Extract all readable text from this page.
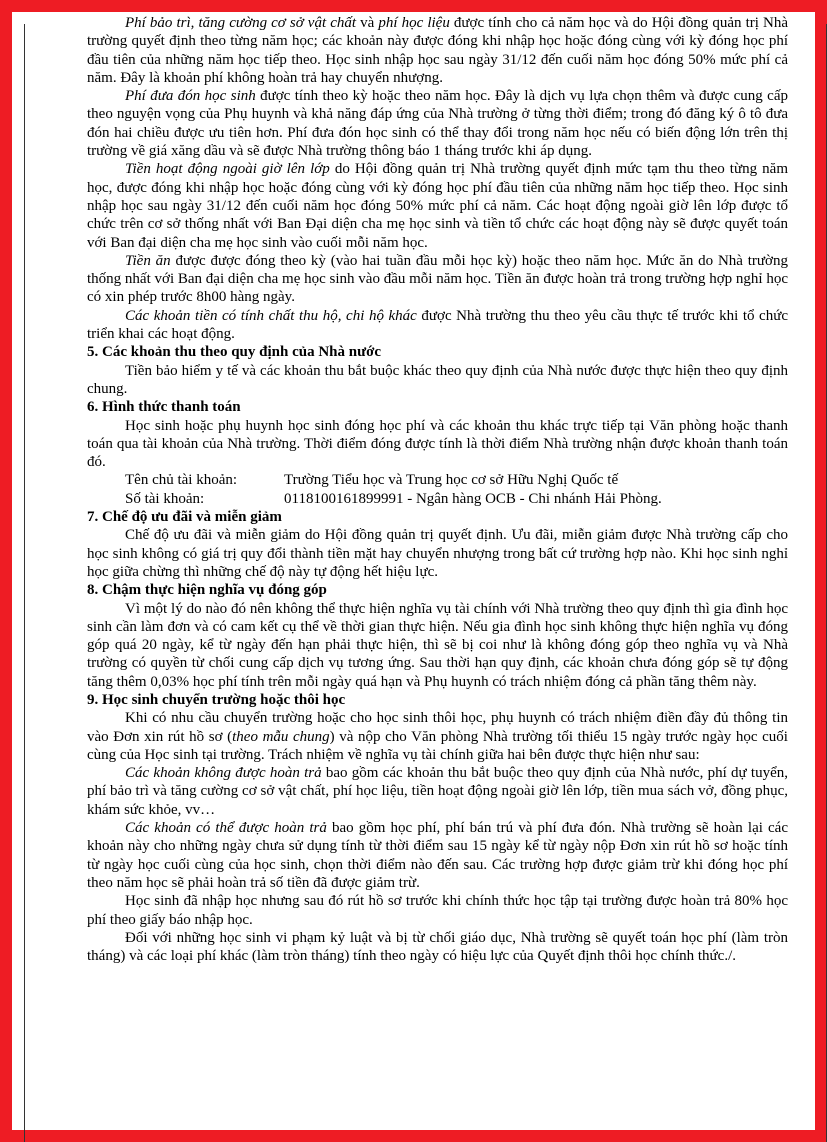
Phí bảo trì, tăng cường cơ sở vật chất và phí học liệu được tính cho cả năm học và do Hội đồng quản trị Nhà trường quyết định theo từng năm học; các khoản này được đóng khi nhập học hoặc đóng cùng với kỳ đóng học phí đầu tiên của những năm học tiếp theo. Học sinh nhập học sau ngày 31/12 đến cuối năm học đóng 50% mức phí cả năm. Đây là khoản phí không hoàn trả hay chuyển nhượng.

Phí đưa đón học sinh được tính theo kỳ hoặc theo năm học. Đây là dịch vụ lựa chọn thêm và được cung cấp theo nguyện vọng của Phụ huynh và khả năng đáp ứng của Nhà trường ở từng thời điểm; trong đó đăng ký ô tô đưa đón hai chiều được ưu tiên hơn. Phí đưa đón học sinh có thể thay đổi trong năm học nếu có biến động lớn trên thị trường về giá xăng dầu và sẽ được Nhà trường thông báo 1 tháng trước khi áp dụng.

Tiền hoạt động ngoài giờ lên lớp do Hội đồng quản trị Nhà trường quyết định mức tạm thu theo từng năm học, được đóng khi nhập học hoặc đóng cùng với kỳ đóng học phí đầu tiên của những năm học tiếp theo. Học sinh nhập học sau ngày 31/12 đến cuối năm học đóng 50% mức phí cả năm. Các hoạt động ngoài giờ lên lớp được tổ chức trên cơ sở thống nhất với Ban Đại diện cha mẹ học sinh và tiền tổ chức các hoạt động này sẽ được quyết toán với Ban đại diện cha mẹ học sinh vào cuối mỗi năm học.

Tiền ăn được được đóng theo kỳ (vào hai tuần đầu mỗi học kỳ) hoặc theo năm học. Mức ăn do Nhà trường thống nhất với Ban đại diện cha mẹ học sinh vào đầu mỗi năm học. Tiền ăn được hoàn trả trong trường hợp nghỉ học có xin phép trước 8h00 hàng ngày.

Các khoản tiền có tính chất thu hộ, chi hộ khác được Nhà trường thu theo yêu cầu thực tế trước khi tổ chức triển khai các hoạt động.

5. Các khoản thu theo quy định của Nhà nước

Tiền bảo hiểm y tế và các khoản thu bắt buộc khác theo quy định của Nhà nước được thực hiện theo quy định chung.

6. Hình thức thanh toán

Học sinh hoặc phụ huynh học sinh đóng học phí và các khoản thu khác trực tiếp tại Văn phòng hoặc thanh toán qua tài khoản của Nhà trường. Thời điểm đóng được tính là thời điểm Nhà trường nhận được khoản thanh toán đó.

Tên chủ tài khoản:	Trường Tiểu học và Trung học cơ sở Hữu Nghị Quốc tế
Số tài khoản:	0118100161899991 - Ngân hàng OCB - Chi nhánh Hải Phòng.
7. Chế độ ưu đãi và miễn giảm

Chế độ ưu đãi và miễn giảm do Hội đồng quản trị quyết định. Ưu đãi, miễn giảm được Nhà trường cấp cho học sinh không có giá trị quy đổi thành tiền mặt hay chuyển nhượng trong bất cứ trường hợp nào. Khi học sinh nghỉ học giữa chừng thì những chế độ này tự động hết hiệu lực.

8. Chậm thực hiện nghĩa vụ đóng góp

Vì một lý do nào đó nên không thể thực hiện nghĩa vụ tài chính với Nhà trường theo quy định thì gia đình học sinh cần làm đơn và có cam kết cụ thể về thời gian thực hiện. Nếu gia đình học sinh không thực hiện nghĩa vụ đóng góp quá 20 ngày, kể từ ngày đến hạn phải thực hiện, thì sẽ bị coi như là không đóng góp theo nghĩa vụ và Nhà trường có quyền từ chối cung cấp dịch vụ tương ứng. Sau thời hạn quy định, các khoản chưa đóng góp sẽ tự động tăng thêm 0,03% học phí tính trên mỗi ngày quá hạn và Phụ huynh có trách nhiệm đóng cả phần tăng thêm này.

9. Học sinh chuyển trường hoặc thôi học

Khi có nhu cầu chuyển trường hoặc cho học sinh thôi học, phụ huynh có trách nhiệm điền đầy đủ thông tin vào Đơn xin rút hồ sơ (theo mẫu chung) và nộp cho Văn phòng Nhà trường tối thiểu 15 ngày trước ngày học cuối cùng của Học sinh tại trường. Trách nhiệm về nghĩa vụ tài chính giữa hai bên được thực hiện như sau:

Các khoản không được hoàn trả bao gồm các khoản thu bắt buộc theo quy định của Nhà nước, phí dự tuyển, phí bảo trì và tăng cường cơ sở vật chất, phí học liệu, tiền hoạt động ngoài giờ lên lớp, tiền mua sách vở, đồng phục, khám sức khỏe, vv…

Các khoản có thể được hoàn trả bao gồm học phí, phí bán trú và phí đưa đón. Nhà trường sẽ hoàn lại các khoản này cho những ngày chưa sử dụng tính từ thời điểm sau 15 ngày kể từ ngày nộp Đơn xin rút hồ sơ hoặc tính từ ngày học cuối cùng của học sinh, chọn thời điểm nào đến sau. Các trường hợp được giảm trừ khi đóng học phí theo năm học sẽ phải hoàn trả số tiền đã được giảm trừ.

Học sinh đã nhập học nhưng sau đó rút hồ sơ trước khi chính thức học tập tại trường được hoàn trả 80% học phí theo giấy báo nhập học.

Đối với những học sinh vi phạm kỷ luật và bị từ chối giáo dục, Nhà trường sẽ quyết toán học phí (làm tròn tháng) và các loại phí khác (làm tròn tháng) tính theo ngày có hiệu lực của Quyết định thôi học chính thức./.
